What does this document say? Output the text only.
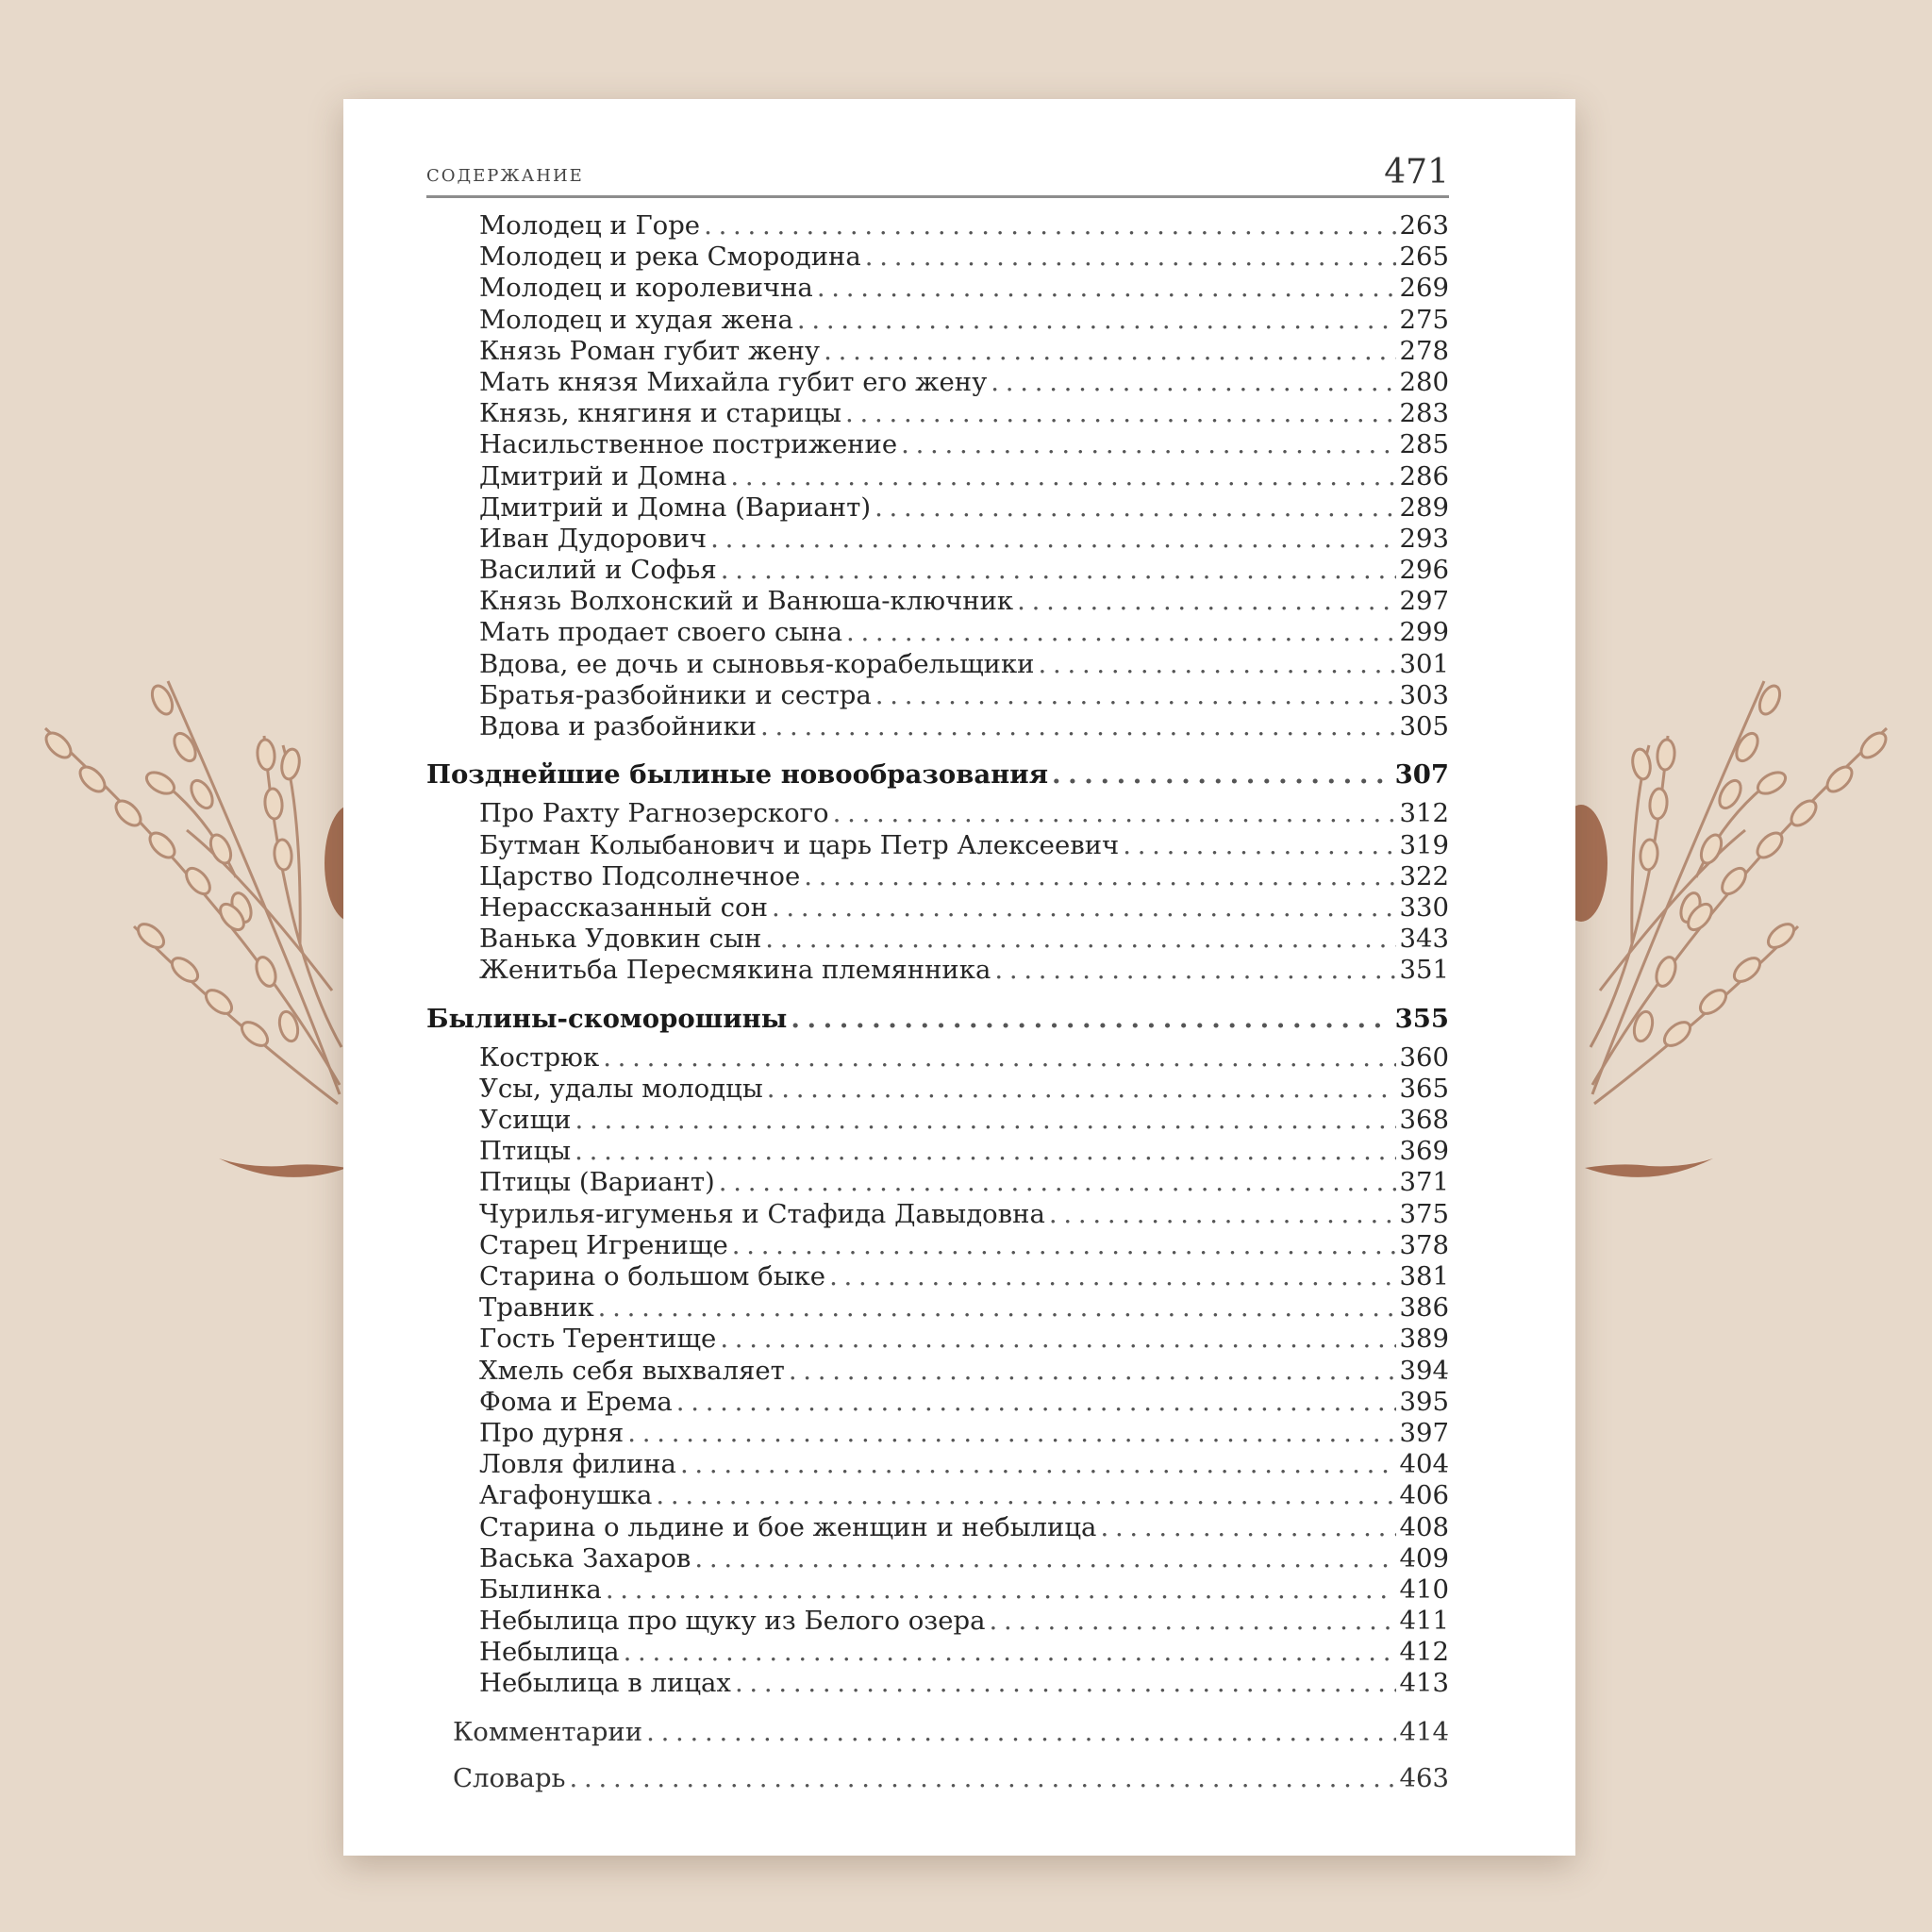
содержание	471
Молодец и Горе . . .	263
Молодец и река Смородина . . .	265
Молодец и королевична . . .	269
Молодец и худая жена . . .	275
Князь Роман губит жену . . .	278
Мать князя Михайла губит его жену . . .	280
Князь, княгиня и старицы . . .	283
Насильственное пострижение . . .	285
Дмитрий и Домна . . .	286
Дмитрий и Домна (Вариант) . . .	289
Иван Дудорович . . .	293
Василий и Софья . . .	296
Князь Волхонский и Ванюша-ключник . . .	297
Мать продает своего сына . . .	299
Вдова, ее дочь и сыновья-корабельщики . . .	301
Братья-разбойники и сестра . . .	303
Вдова и разбойники . . .	305
Позднейшие былиные новообразования . . .	307
Про Рахту Рагнозерского . . .	312
Бутман Колыбанович и царь Петр Алексеевич . . .	319
Царство Подсолнечное . . .	322
Нерассказанный сон . . .	330
Ванька Удовкин сын . . .	343
Женитьба Пересмякина племянника . . .	351
Былины-скоморошины . . .	355
Кострюк . . .	360
Усы, удалы молодцы . . .	365
Усищи . . .	368
Птицы . . .	369
Птицы (Вариант) . . .	371
Чурилья-игуменья и Стафида Давыдовна . . .	375
Старец Игренище . . .	378
Старина о большом быке . . .	381
Травник . . .	386
Гость Терентище . . .	389
Хмель себя выхваляет . . .	394
Фома и Ерема . . .	395
Про дурня . . .	397
Ловля филина . . .	404
Агафонушка . . .	406
Старина о льдине и бое женщин и небылица . . .	408
Васька Захаров . . .	409
Былинка . . .	410
Небылица про щуку из Белого озера . . .	411
Небылица . . .	412
Небылица в лицах . . .	413
Комментарии . . .	414
Словарь . . .	463
